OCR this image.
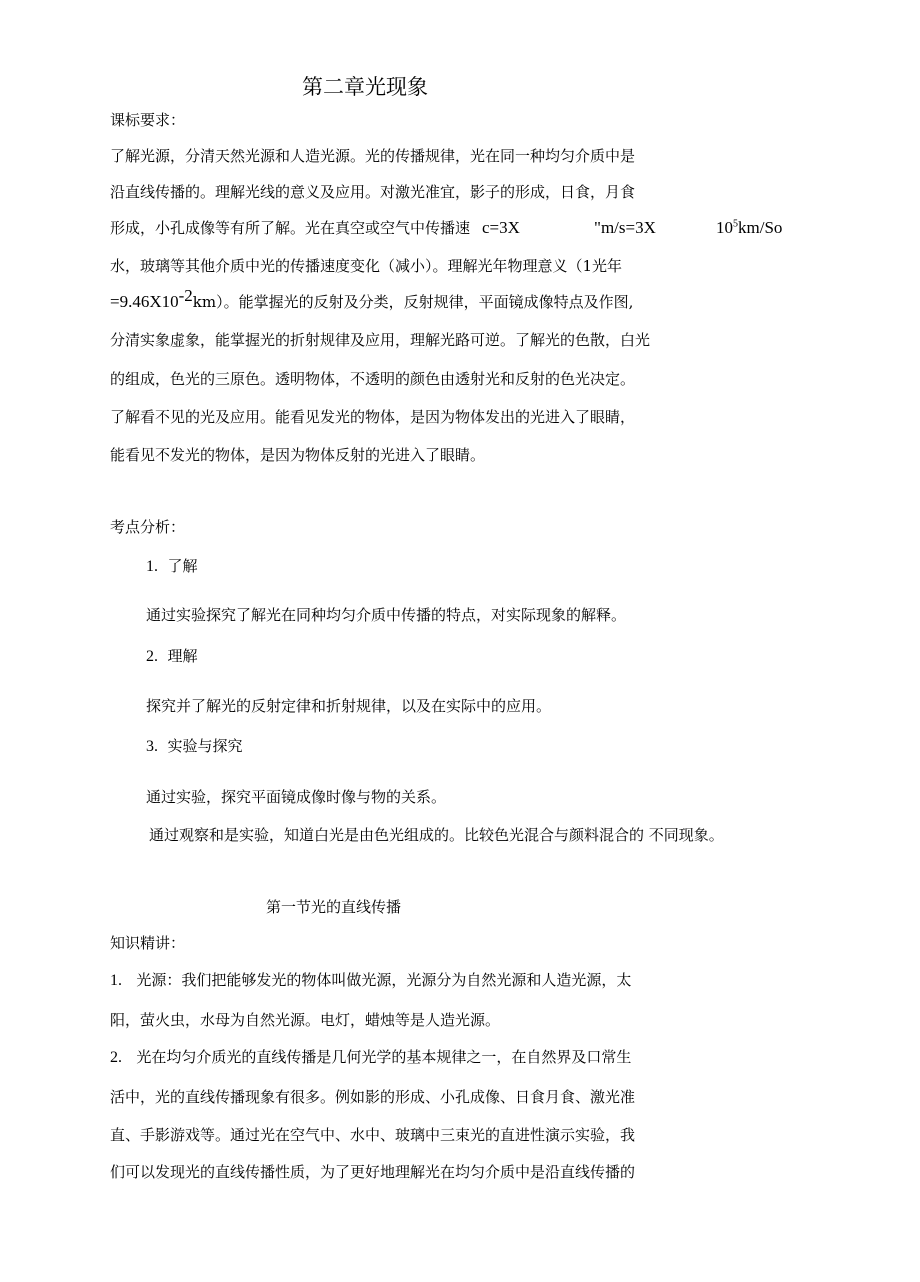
第二章光现象
课标要求：
了解光源，分清天然光源和人造光源。光的传播规律，光在同一种均匀介质中是
沿直线传播的。理解光线的意义及应用。对激光准宜，影子的形成，日食，月食
形成，小孔成像等有所了解。光在真空或空气中传播速 c=3X	"m/s=3X	$10^5km/So$
水，玻璃等其他介质中光的传播速度变化（减小）。理解光年物理意义（1光年
$=9.46X10^{-2}km$）。能掌握光的反射及分类，反射规律，平面镜成像特点及作图,
分清实象虚象，能掌握光的折射规律及应用，理解光路可逆。了解光的色散，白光
的组成，色光的三原色。透明物体，不透明的颜色由透射光和反射的色光决定。
了解看不见的光及应用。能看见发光的物体，是因为物体发出的光进入了眼睛，
能看见不发光的物体，是因为物体反射的光进入了眼睛。
考点分析：
1. 了解
通过实验探究了解光在同种均匀介质中传播的特点，对实际现象的解释。
2. 理解
探究并了解光的反射定律和折射规律，以及在实际中的应用。
3. 实验与探究
通过实验，探究平面镜成像时像与物的关系。
通过观察和是实验，知道白光是由色光组成的。比较色光混合与颜料混合的 不同现象。
第一节光的直线传播
知识精讲：
1. 光源：我们把能够发光的物体叫做光源，光源分为自然光源和人造光源，太
阳，萤火虫，水母为自然光源。电灯，蜡烛等是人造光源。
2. 光在均匀介质光的直线传播是几何光学的基本规律之一，在自然界及口常生
活中，光的直线传播现象有很多。例如影的形成、小孔成像、日食月食、激光准
直、手影游戏等。通过光在空气中、水中、玻璃中三束光的直进性演示实验，我
们可以发现光的直线传播性质，为了更好地理解光在均匀介质中是沿直线传播的
